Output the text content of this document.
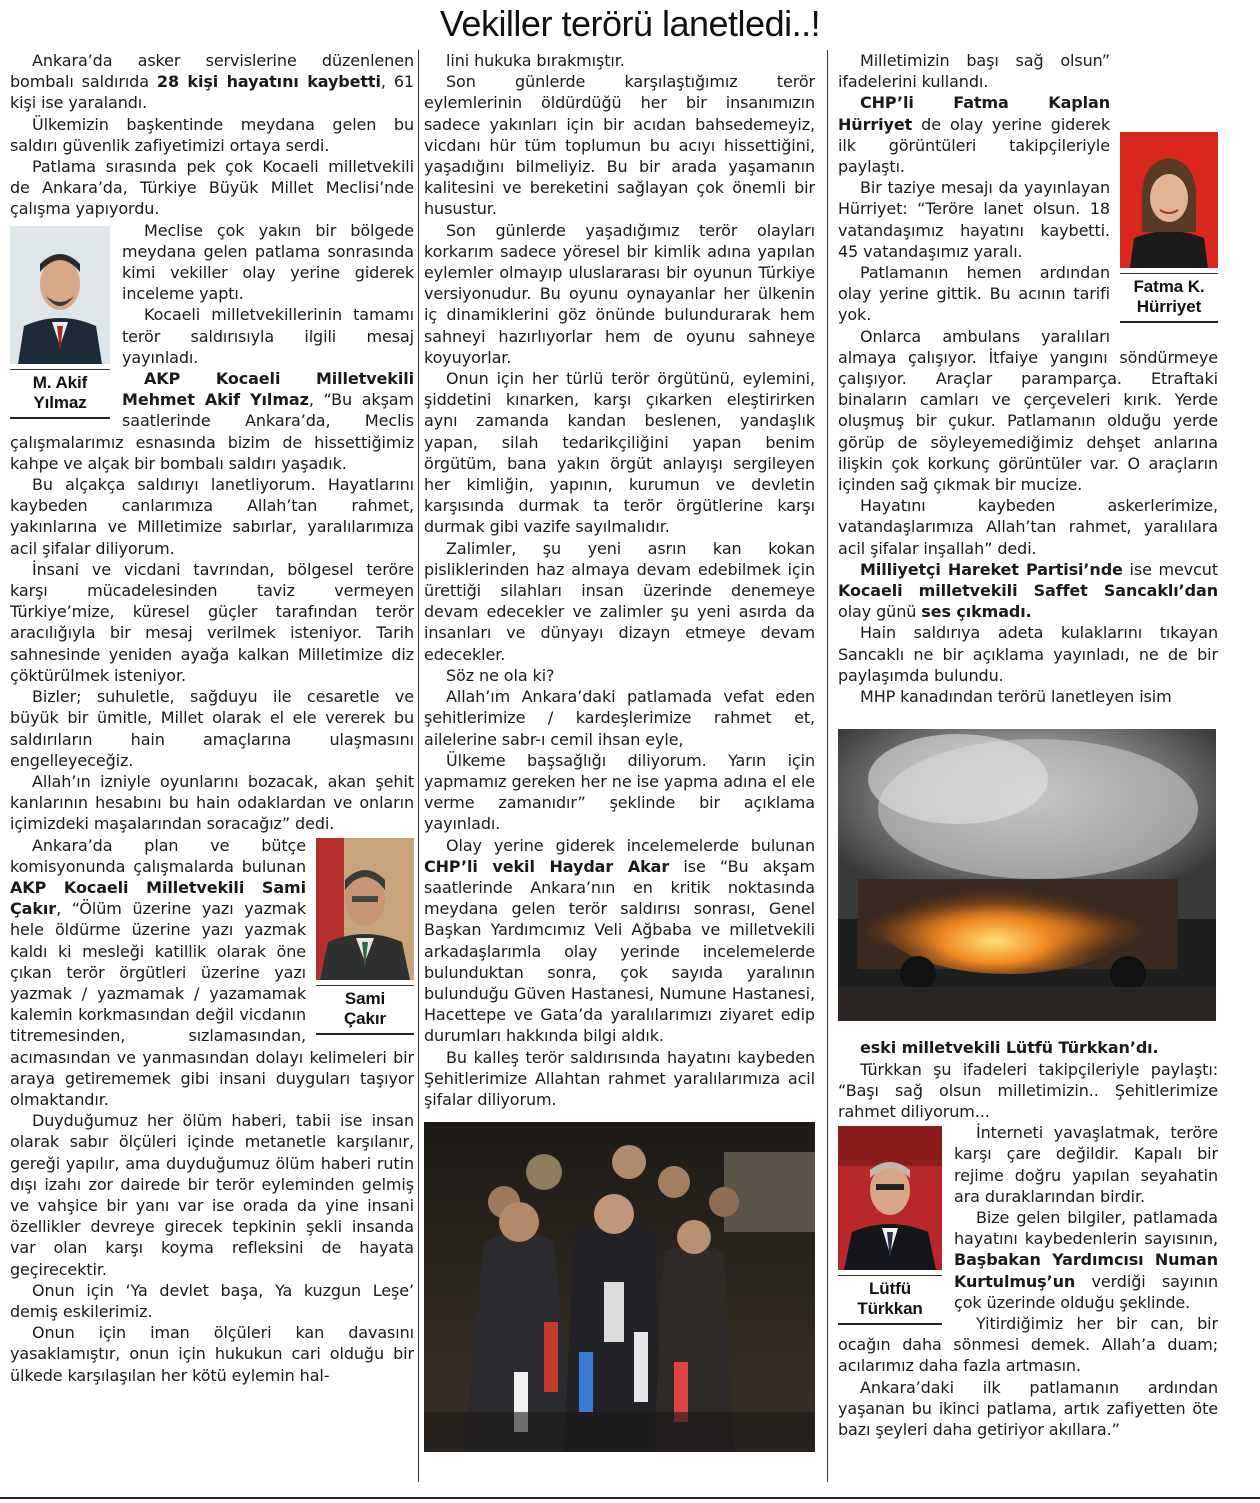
Vekiller terörü lanetledi..!

Ankara’da asker servislerine düzenlenen bombalı saldırıda 28 kişi hayatını kaybetti, 61 kişi ise yaralandı.

Ülkemizin başkentinde meydana gelen bu saldırı güvenlik zafiyetimizi ortaya serdi.

Patlama sırasında pek çok Kocaeli milletvekili de Ankara’da, Türkiye Büyük Millet Meclisi’nde çalışma yapıyordu.

M. Akif
Yılmaz

Meclise çok yakın bir bölgede meydana gelen patlama sonrasında kimi vekiller olay yerine giderek inceleme yaptı.

Kocaeli milletvekillerinin tamamı terör saldırısıyla ilgili mesaj yayınladı.

AKP Kocaeli Milletvekili Mehmet Akif Yılmaz, “Bu akşam saatlerinde Ankara’da, Meclis çalışmalarımız esnasında bizim de hissettiğimiz kahpe ve alçak bir bombalı saldırı yaşadık.

Bu alçakça saldırıyı lanetliyorum. Hayatlarını kaybeden canlarımıza Allah’tan rahmet, yakınlarına ve Milletimize sabırlar, yaralılarımıza acil şifalar diliyorum.

İnsani ve vicdani tavrından, bölgesel teröre karşı mücadelesinden taviz vermeyen Türkiye’mize, küresel güçler tarafından terör aracılığıyla bir mesaj verilmek isteniyor. Tarih sahnesinde yeniden ayağa kalkan Milletimize diz çöktürülmek isteniyor.

Bizler; suhuletle, sağduyu ile cesaretle ve büyük bir ümitle, Millet olarak el ele vererek bu saldırıların hain amaçlarına ulaşmasını engelleyeceğiz.

Allah’ın izniyle oyunlarını bozacak, akan şehit kanlarının hesabını bu hain odaklardan ve onların içimizdeki maşalarından soracağız” dedi.

Sami
Çakır

Ankara’da plan ve bütçe komisyonunda çalışmalarda bulunan AKP Kocaeli Milletvekili Sami Çakır, “Ölüm üzerine yazı yazmak hele öldürme üzerine yazı yazmak kaldı ki mesleği katillik olarak öne çıkan terör örgütleri üzerine yazı yazmak / yazmamak / yazamamak kalemin korkmasından değil vicdanın titremesinden, sızlamasından, acımasından ve yanmasından dolayı kelimeleri bir araya getirememek gibi insani duyguları taşıyor olmaktandır.

Duyduğumuz her ölüm haberi, tabii ise insan olarak sabır ölçüleri içinde metanetle karşılanır, gereği yapılır, ama duyduğumuz ölüm haberi rutin dışı izahı zor dairede bir terör eyleminden gelmiş ve vahşice bir yanı var ise orada da yine insani özellikler devreye girecek tepkinin şekli insanda var olan karşı koyma refleksini de hayata geçirecektir.

Onun için ‘Ya devlet başa, Ya kuzgun Leşe’ demiş eskilerimiz.

Onun için iman ölçüleri kan davasını yasaklamıştır, onun için hukukun cari olduğu bir ülkede karşılaşılan her kötü eylemin hal-

lini hukuka bırakmıştır.

Son günlerde karşılaştığımız terör eylemlerinin öldürdüğü her bir insanımızın sadece yakınları için bir acıdan bahsedemeyiz, vicdanı hür tüm toplumun bu acıyı hissettiğini, yaşadığını bilmeliyiz. Bu bir arada yaşamanın kalitesini ve bereketini sağlayan çok önemli bir husustur.

Son günlerde yaşadığımız terör olayları korkarım sadece yöresel bir kimlik adına yapılan eylemler olmayıp uluslararası bir oyunun Türkiye versiyonudur. Bu oyunu oynayanlar her ülkenin iç dinamiklerini göz önünde bulundurarak hem sahneyi hazırlıyorlar hem de oyunu sahneye koyuyorlar.

Onun için her türlü terör örgütünü, eylemini, şiddetini kınarken, karşı çıkarken eleştirirken aynı zamanda kandan beslenen, yandaşlık yapan, silah tedarikçiliğini yapan benim örgütüm, bana yakın örgüt anlayışı sergileyen her kimliğin, yapının, kurumun ve devletin karşısında durmak ta terör örgütlerine karşı durmak gibi vazife sayılmalıdır.

Zalimler, şu yeni asrın kan kokan pisliklerinden haz almaya devam edebilmek için ürettiği silahları insan üzerinde denemeye devam edecekler ve zalimler şu yeni asırda da insanları ve dünyayı dizayn etmeye devam edecekler.

Söz ne ola ki?

Allah’ım Ankara’daki patlamada vefat eden şehitlerimize / kardeşlerimize rahmet et, ailelerine sabr-ı cemil ihsan eyle,

Ülkeme başsağlığı diliyorum. Yarın için yapmamız gereken her ne ise yapma adına el ele verme zamanıdır” şeklinde bir açıklama yayınladı.

Olay yerine giderek incelemelerde bulunan CHP’li vekil Haydar Akar ise “Bu akşam saatlerinde Ankara’nın en kritik noktasında meydana gelen terör saldırısı sonrası, Genel Başkan Yardımcımız Veli Ağbaba ve milletvekili arkadaşlarımla olay yerinde incelemelerde bulunduktan sonra, çok sayıda yaralının bulunduğu Güven Hastanesi, Numune Hastanesi, Hacettepe ve Gata’da yaralılarımızı ziyaret edip durumları hakkında bilgi aldık.

Bu kalleş terör saldırısında hayatını kaybeden Şehitlerimize Allahtan rahmet yaralılarımıza acil şifalar diliyorum.

Fatma K.
Hürriyet

Milletimizin başı sağ olsun” ifadelerini kullandı.

CHP’li Fatma Kaplan Hürriyet de olay yerine giderek ilk görüntüleri takipçileriyle paylaştı.

Bir taziye mesajı da yayınlayan Hürriyet: “Teröre lanet olsun. 18 vatandaşımız hayatını kaybetti. 45 vatandaşımız yaralı.

Patlamanın hemen ardından olay yerine gittik. Bu acının tarifi yok.

Onlarca ambulans yaralıları almaya çalışıyor. İtfaiye yangını söndürmeye çalışıyor. Araçlar paramparça. Etraftaki binaların camları ve çerçeveleri kırık. Yerde oluşmuş bir çukur. Patlamanın olduğu yerde görüp de söyleyemediğimiz dehşet anlarına ilişkin çok korkunç görüntüler var. O araçların içinden sağ çıkmak bir mucize.

Hayatını kaybeden askerlerimize, vatandaşlarımıza Allah’tan rahmet, yaralılara acil şifalar inşallah” dedi.

Milliyetçi Hareket Partisi’nde ise mevcut Kocaeli milletvekili Saffet Sancaklı’dan olay günü ses çıkmadı.

Hain saldırıya adeta kulaklarını tıkayan Sancaklı ne bir açıklama yayınladı, ne de bir paylaşımda bulundu.

MHP kanadından terörü lanetleyen isim

eski milletvekili Lütfü Türkkan’dı.

Türkkan şu ifadeleri takipçileriyle paylaştı: “Başı sağ olsun milletimizin.. Şehitlerimize rahmet diliyorum...

Lütfü
Türkkan

İnterneti yavaşlatmak, teröre karşı çare değildir. Kapalı bir rejime doğru yapılan seyahatin ara duraklarından birdir.

Bize gelen bilgiler, patlamada hayatını kaybedenlerin sayısının, Başbakan Yardımcısı Numan Kurtulmuş’un verdiği sayının çok üzerinde olduğu şeklinde.

Yitirdiğimiz her bir can, bir ocağın daha sönmesi demek. Allah’a duam; acılarımız daha fazla artmasın.

Ankara’daki ilk patlamanın ardından yaşanan bu ikinci patlama, artık zafiyetten öte bazı şeyleri daha getiriyor akıllara.”
